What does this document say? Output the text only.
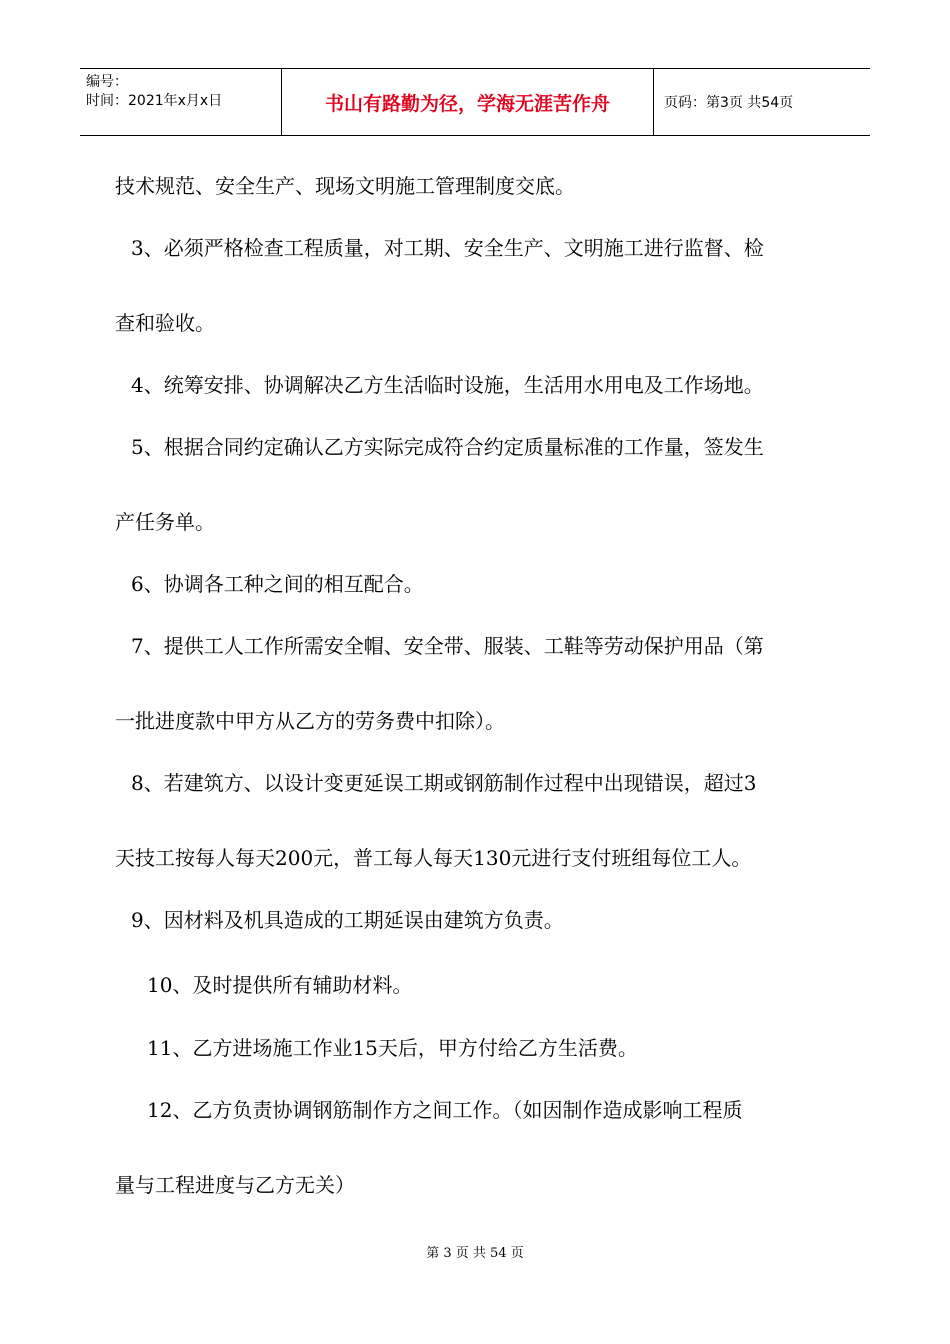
编号：
时间：2021年x月x日	书山有路勤为径，学海无涯苦作舟	页码：第3页 共54页

技术规范、安全生产、现场文明施工管理制度交底。

3、必须严格检查工程质量，对工期、安全生产、文明施工进行监督、检

查和验收。

4、统筹安排、协调解决乙方生活临时设施，生活用水用电及工作场地。

5、根据合同约定确认乙方实际完成符合约定质量标准的工作量，签发生

产任务单。

6、协调各工种之间的相互配合。

7、提供工人工作所需安全帽、安全带、服装、工鞋等劳动保护用品（第

一批进度款中甲方从乙方的劳务费中扣除）。

8、若建筑方、以设计变更延误工期或钢筋制作过程中出现错误，超过3

天技工按每人每天200元，普工每人每天130元进行支付班组每位工人。

9、因材料及机具造成的工期延误由建筑方负责。

10、及时提供所有辅助材料。

11、乙方进场施工作业15天后，甲方付给乙方生活费。

12、乙方负责协调钢筋制作方之间工作。（如因制作造成影响工程质

量与工程进度与乙方无关）

第 3 页 共 54 页
